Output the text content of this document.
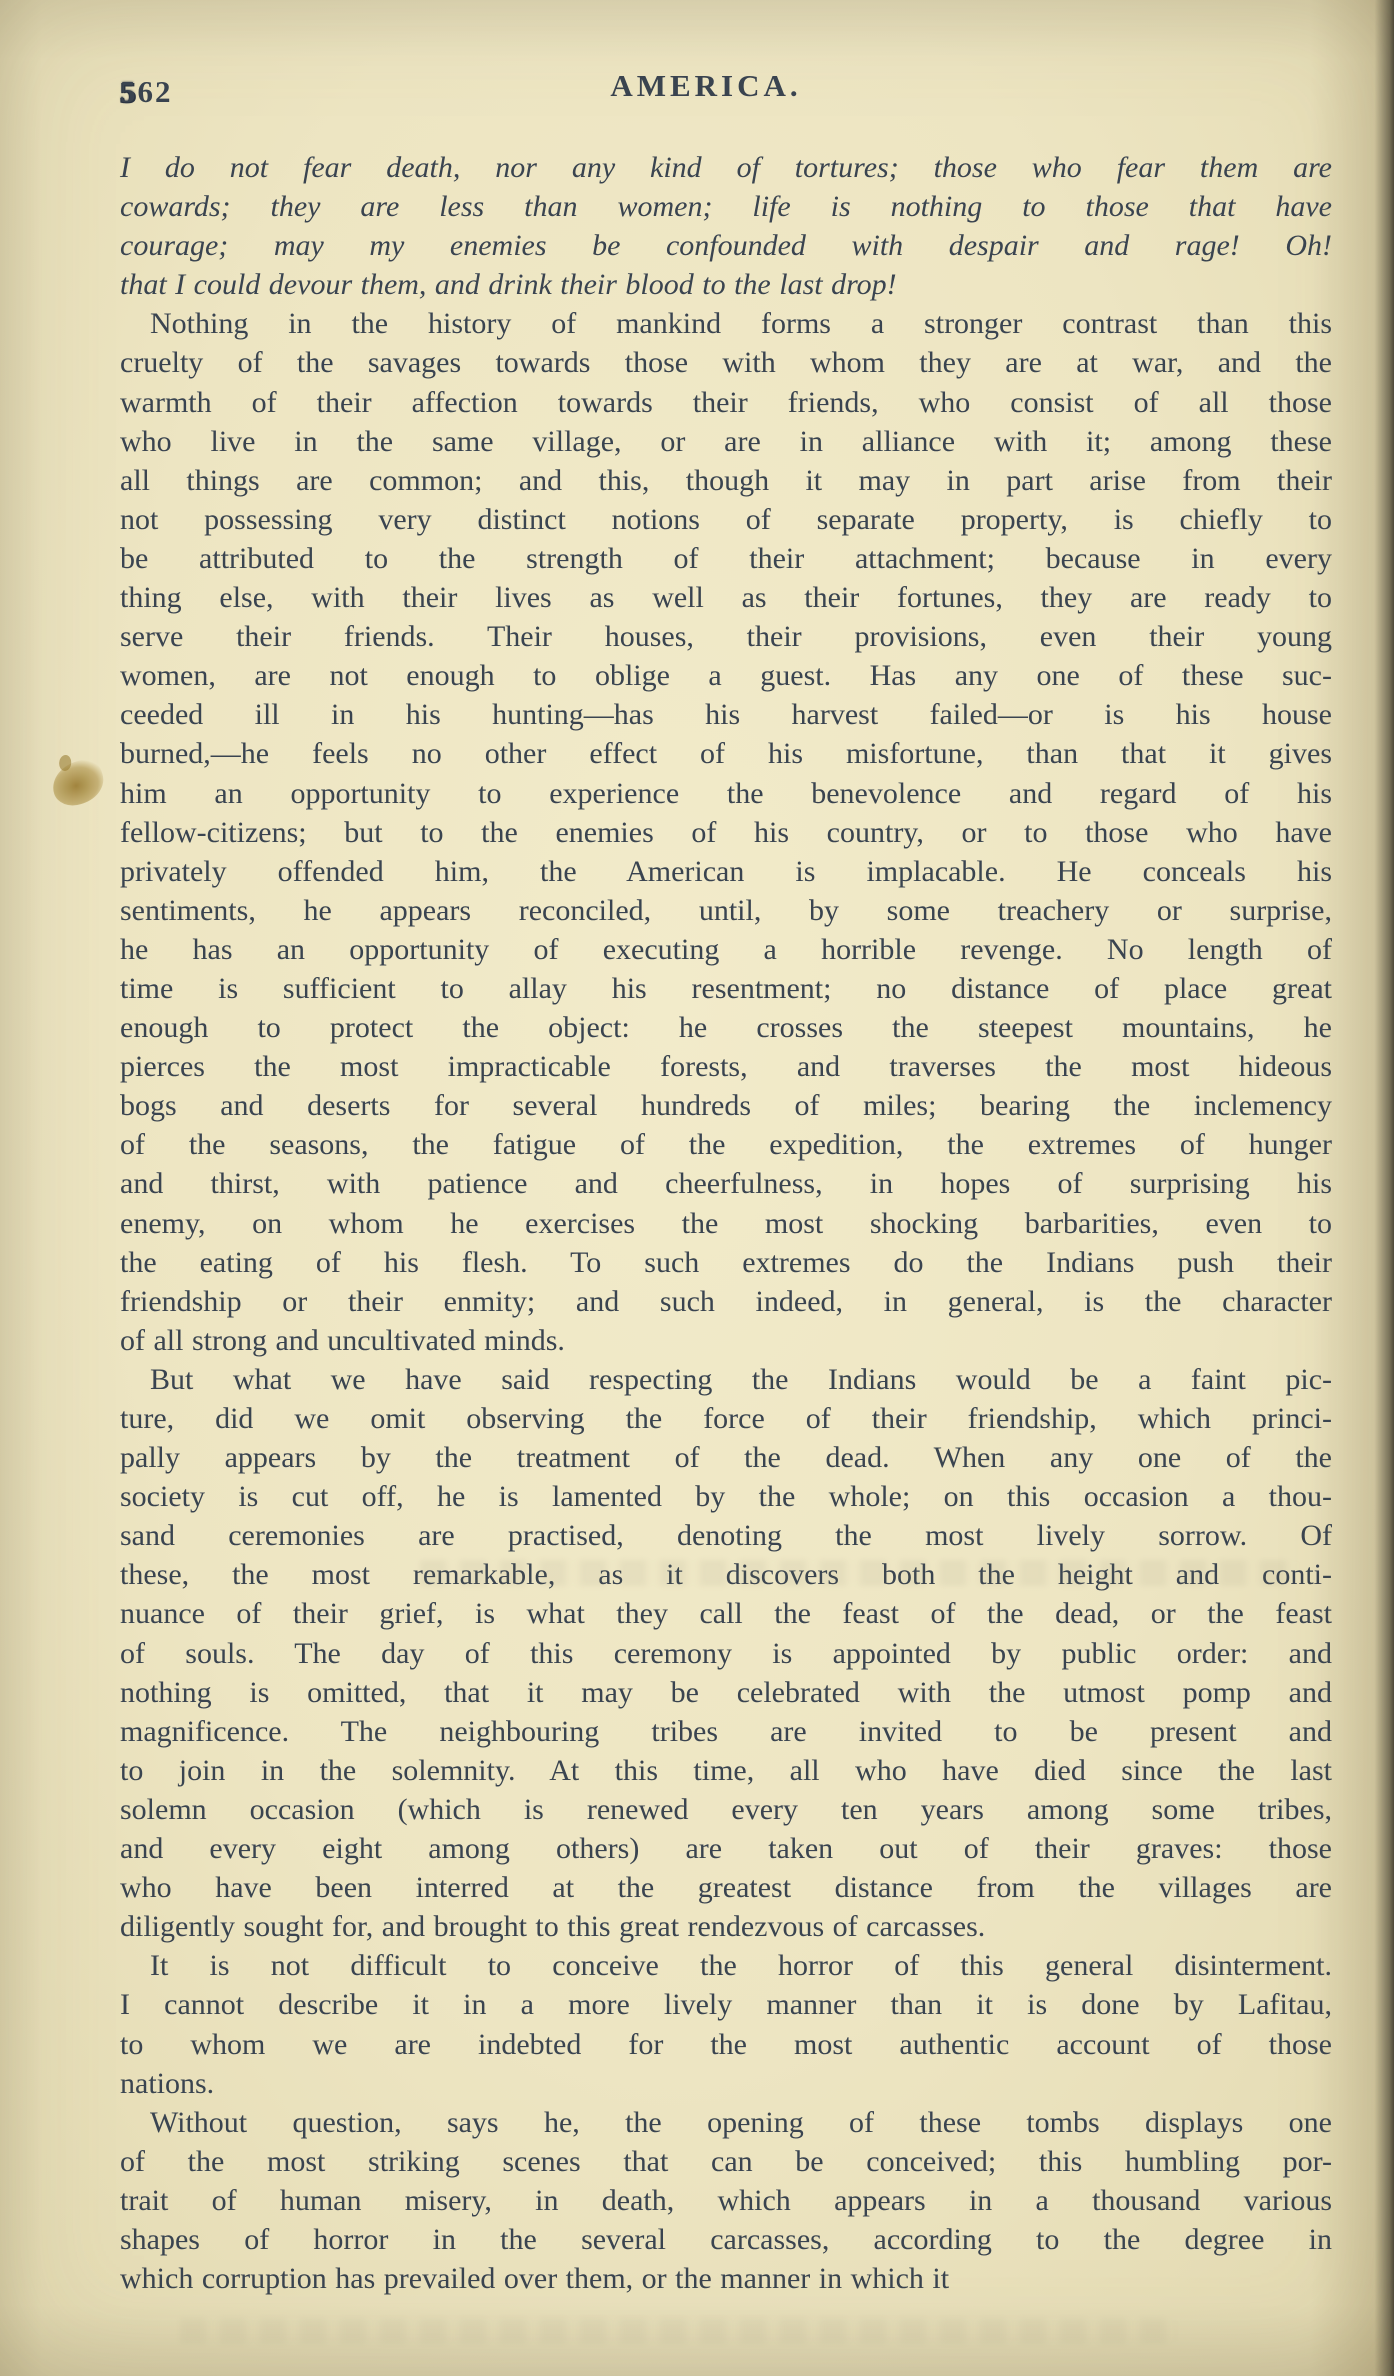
562	AMERICA.
I do not fear death, nor any kind of tortures; those who fear them are
cowards; they are less than women; life is nothing to those that have
courage; may my enemies be confounded with despair and rage! Oh!
that I could devour them, and drink their blood to the last drop!
Nothing in the history of mankind forms a stronger contrast than this
cruelty of the savages towards those with whom they are at war, and the
warmth of their affection towards their friends, who consist of all those
who live in the same village, or are in alliance with it; among these
all things are common; and this, though it may in part arise from their
not possessing very distinct notions of separate property, is chiefly to
be attributed to the strength of their attachment; because in every
thing else, with their lives as well as their fortunes, they are ready to
serve their friends. Their houses, their provisions, even their young
women, are not enough to oblige a guest. Has any one of these suc-
ceeded ill in his hunting—has his harvest failed—or is his house
burned,—he feels no other effect of his misfortune, than that it gives
him an opportunity to experience the benevolence and regard of his
fellow-citizens; but to the enemies of his country, or to those who have
privately offended him, the American is implacable. He conceals his
sentiments, he appears reconciled, until, by some treachery or surprise,
he has an opportunity of executing a horrible revenge. No length of
time is sufficient to allay his resentment; no distance of place great
enough to protect the object: he crosses the steepest mountains, he
pierces the most impracticable forests, and traverses the most hideous
bogs and deserts for several hundreds of miles; bearing the inclemency
of the seasons, the fatigue of the expedition, the extremes of hunger
and thirst, with patience and cheerfulness, in hopes of surprising his
enemy, on whom he exercises the most shocking barbarities, even to
the eating of his flesh. To such extremes do the Indians push their
friendship or their enmity; and such indeed, in general, is the character
of all strong and uncultivated minds.
But what we have said respecting the Indians would be a faint pic-
ture, did we omit observing the force of their friendship, which princi-
pally appears by the treatment of the dead. When any one of the
society is cut off, he is lamented by the whole; on this occasion a thou-
sand ceremonies are practised, denoting the most lively sorrow. Of
these, the most remarkable, as it discovers both the height and conti-
nuance of their grief, is what they call the feast of the dead, or the feast
of souls. The day of this ceremony is appointed by public order: and
nothing is omitted, that it may be celebrated with the utmost pomp and
magnificence. The neighbouring tribes are invited to be present and
to join in the solemnity. At this time, all who have died since the last
solemn occasion (which is renewed every ten years among some tribes,
and every eight among others) are taken out of their graves: those
who have been interred at the greatest distance from the villages are
diligently sought for, and brought to this great rendezvous of carcasses.
It is not difficult to conceive the horror of this general disinterment.
I cannot describe it in a more lively manner than it is done by Lafitau,
to whom we are indebted for the most authentic account of those
nations.
Without question, says he, the opening of these tombs displays one
of the most striking scenes that can be conceived; this humbling por-
trait of human misery, in death, which appears in a thousand various
shapes of horror in the several carcasses, according to the degree in
which corruption has prevailed over them, or the manner in which it
